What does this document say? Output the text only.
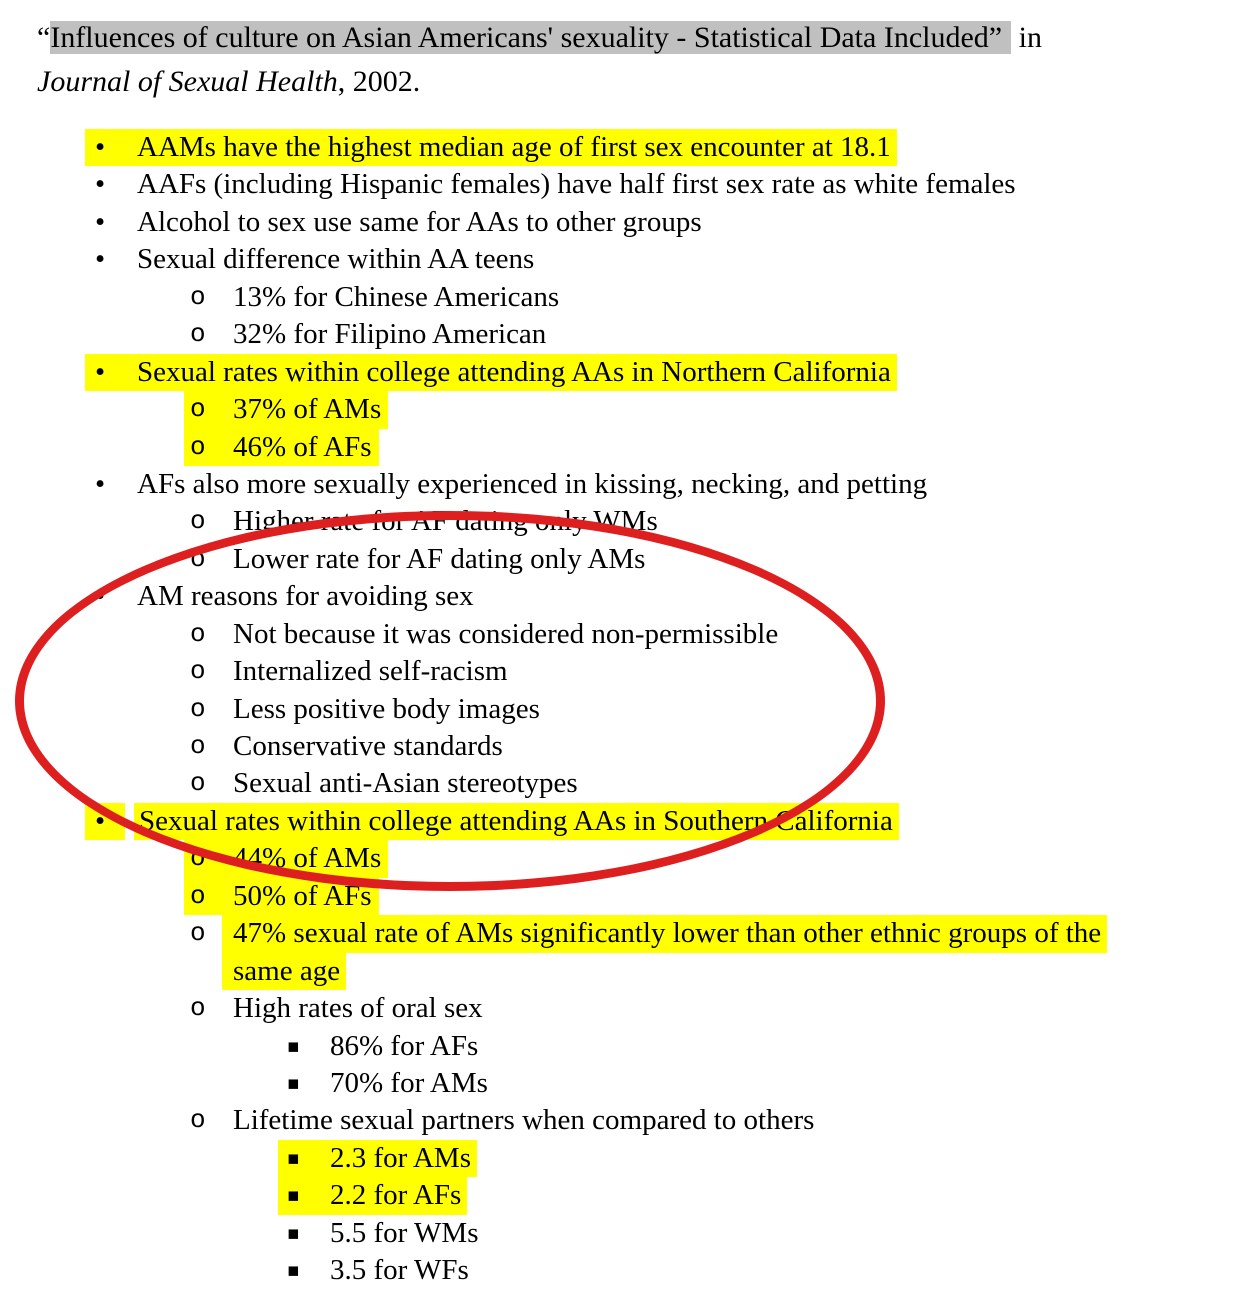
“Influences of culture on Asian Americans' sexuality - Statistical Data Included” in
Journal of Sexual Health, 2002.
•	AAMs have the highest median age of first sex encounter at 18.1
• AAFs (including Hispanic females) have half first sex rate as white females
• Alcohol to sex use same for AAs to other groups
• Sexual difference within AA teens
o 13% for Chinese Americans
o 32% for Filipino American
•	Sexual rates within college attending AAs in Northern California
o 37% of AMs
o 46% of AFs
• AFs also more sexually experienced in kissing, necking, and petting
o Higher rate for AF dating only WMs
o Lower rate for AF dating only AMs
• AM reasons for avoiding sex
o Not because it was considered non-permissible
o Internalized self-racism
o Less positive body images
o Conservative standards
o Sexual anti-Asian stereotypes
• Sexual rates within college attending AAs in Southern California
o 44% of AMs
o 50% of AFs
o 47% sexual rate of AMs significantly lower than other ethnic groups of the
same age
o High rates of oral sex
▪ 86% for AFs
▪ 70% for AMs
o Lifetime sexual partners when compared to others
▪	2.3 for AMs
▪	2.2 for AFs
▪ 5.5 for WMs
▪ 3.5 for WFs
